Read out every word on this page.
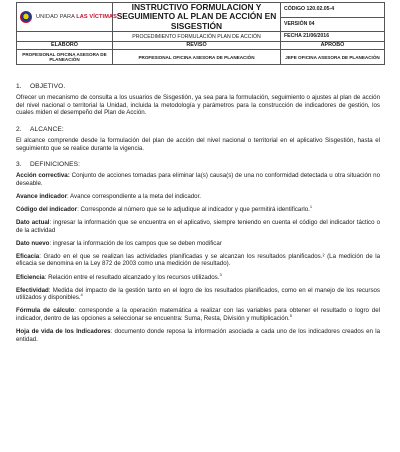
UNIDAD PARA LAS VÍCTIMAS	INSTRUCTIVO FORMULACION Y SEGUIMIENTO AL PLAN DE ACCIÓN EN SISGESTIÓN	CÓDIGO 120.02.05-4
		VERSIÓN 04
	PROCEDIMIENTO FORMULACIÓN PLAN DE ACCIÓN	FECHA 21/06/2016
ELABORÓ	REVISÓ	APROBÓ
PROFESIONAL OFICINA ASESORA DE PLANEACIÓN	PROFESIONAL OFICINA ASESORA DE PLANEACIÓN	JEFE OFICINA ASESORA DE PLANEACIÓN
1. OBJETIVO.

Ofrecer un mecanismo de consulta a los usuarios de Sisgestión, ya sea para la formulación, seguimiento o ajustes al plan de acción del nivel nacional o territorial la Unidad, incluida la metodología y parámetros para la construcción de indicadores de gestión, los cuales miden el desempeño del Plan de Acción.

2. ALCANCE:

El alcance comprende desde la formulación del plan de acción del nivel nacional o territorial en el aplicativo Sisgestión, hasta el seguimiento que se realice durante la vigencia.

3. DEFINICIONES:

Acción correctiva: Conjunto de acciones tomadas para eliminar la(s) causa(s) de una no conformidad detectada u otra situación no deseable.

Avance indicador: Avance correspondiente a la meta del indicador.

Código del indicador: Corresponde al número que se le adjudique al indicador y que permitirá identificarlo.$^1$

Dato actual: ingresar la información que se encuentra en el aplicativo, siempre teniendo en cuenta el código del indicador táctico o de la actividad

Dato nuevo: ingresar la información de los campos que se deben modificar

Eficacia: Grado en el que se realizan las actividades planificadas y se alcanzan los resultados planificados.² (La medición de la eficacia se denomina en la Ley 872 de 2003 como una medición de resultado).

Eficiencia: Relación entre el resultado alcanzado y los recursos utilizados.$^3$

Efectividad: Medida del impacto de la gestión tanto en el logro de los resultados planificados, como en el manejo de los recursos utilizados y disponibles.$^4$

Fórmula de cálculo: corresponde a la operación matemática a realizar con las variables para obtener el resultado o logro del indicador, dentro de las opciones a seleccionar se encuentra: Suma, Resta, División y multiplicación.$^5$

Hoja de vida de los Indicadores: documento donde reposa la información asociada a cada uno de los indicadores creados en la entidad.
